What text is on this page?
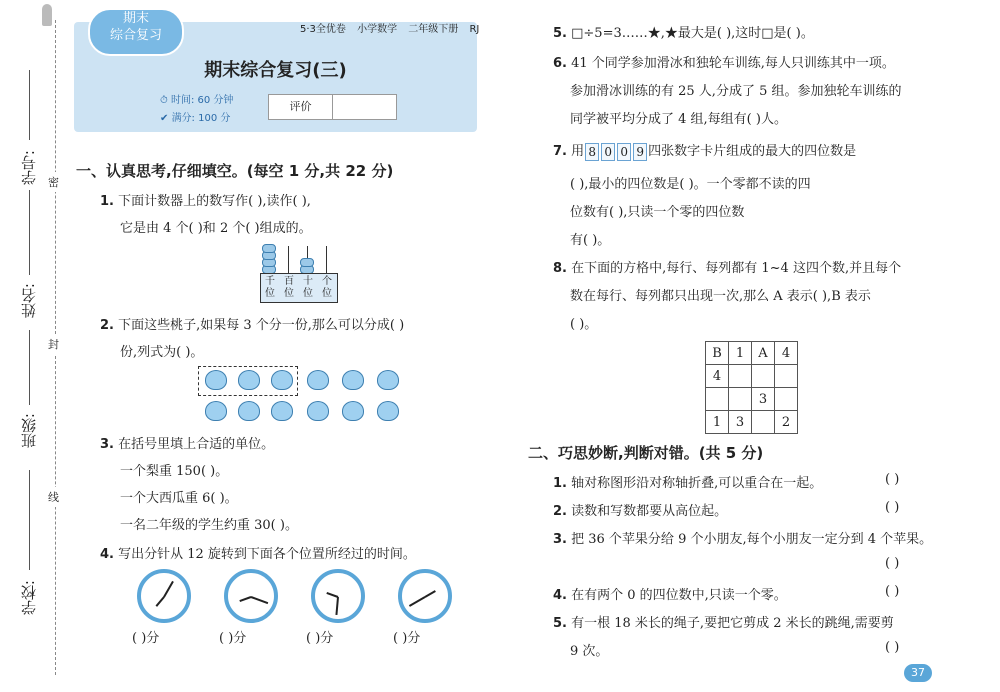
学号:
姓名:
班级:
学校:
密
封
线
期末
综合复习	5·3全优卷 小学数学 二年级下册 RJ
期末综合复习(三)
⏱ 时间: 60 分钟
✔ 满分: 100 分
评价
一、认真思考,仔细填空。(每空 1 分,共 22 分)
1. 下面计数器上的数写作( ),读作( ),
它是由 4 个( )和 2 个( )组成的。
千位
百位
十位
个位
2. 下面这些桃子,如果每 3 个分一份,那么可以分成( )
份,列式为( )。
3. 在括号里填上合适的单位。
一个梨重 150( )。
一个大西瓜重 6( )。
一名二年级的学生约重 30( )。
4. 写出分针从 12 旋转到下面各个位置所经过的时间。
( )分	( )分	( )分	( )分
5. □÷5=3……★,★最大是( ),这时□是( )。
6. 41 个同学参加滑冰和独轮车训练,每人只训练其中一项。
参加滑冰训练的有 25 人,分成了 5 组。参加独轮车训练的
同学被平均分成了 4 组,每组有( )人。
7. 用 8 0 0 9 四张数字卡片组成的最大的四位数是
( ),最小的四位数是( )。一个零都不读的四
位数有( ),只读一个零的四位数
有( )。
8. 在下面的方格中,每行、每列都有 1~4 这四个数,并且每个
数在每行、每列都只出现一次,那么 A 表示( ),B 表示
( )。
B	1	A	4
4			
		3	
1	3		2
二、巧思妙断,判断对错。(共 5 分)
1. 轴对称图形沿对称轴折叠,可以重合在一起。	( )
2. 读数和写数都要从高位起。	( )
3. 把 36 个苹果分给 9 个小朋友,每个小朋友一定分到 4 个苹果。
( )
4. 在有两个 0 的四位数中,只读一个零。	( )
5. 有一根 18 米长的绳子,要把它剪成 2 米长的跳绳,需要剪
9 次。	( )
37
